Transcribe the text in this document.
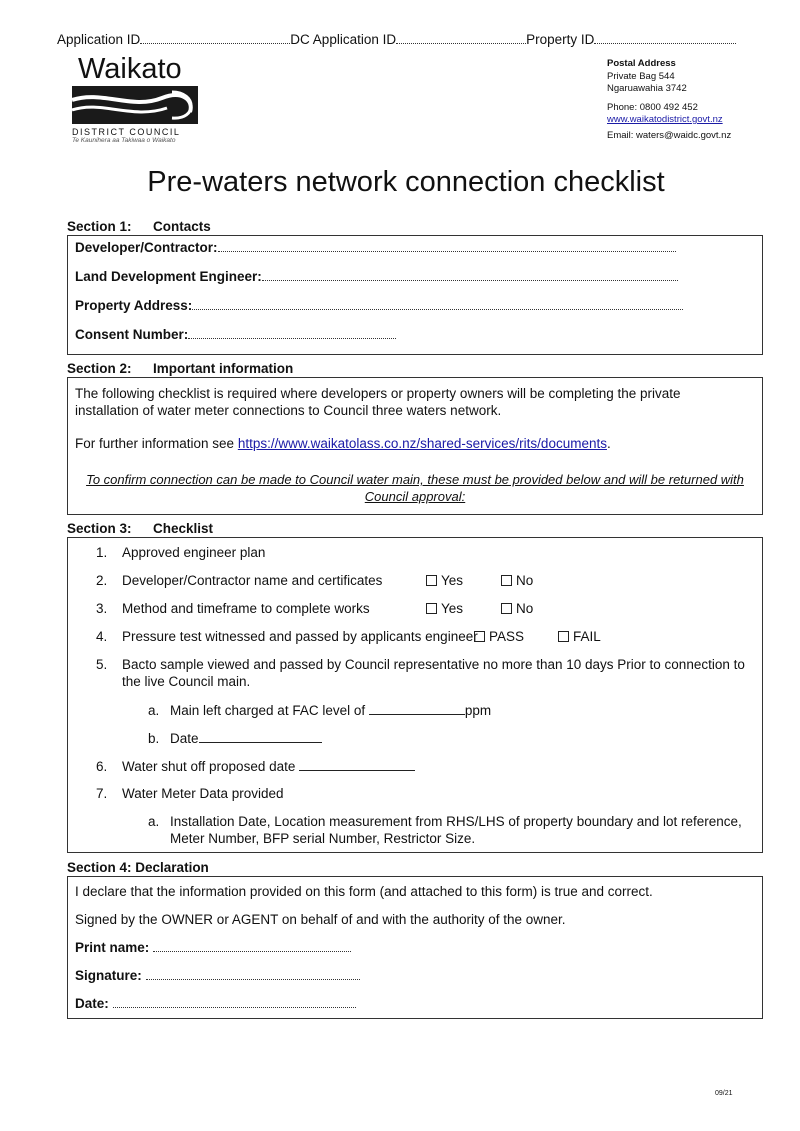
Application ID	DC Application ID	Property ID
Waikato
DISTRICT COUNCIL
Te Kaunihera aa Takiwaa o Waikato
Postal Address
Private Bag 544
Ngaruawahia 3742
Phone: 0800 492 452
www.waikatodistrict.govt.nz
Email: waters@waidc.govt.nz
Pre-waters network connection checklist
Section 1: Contacts
Developer/Contractor:
Land Development Engineer:
Property Address:
Consent Number:
Section 2: Important information
The following checklist is required where developers or property owners will be completing the private
installation of water meter connections to Council three waters network.
For further information see https://www.waikatolass.co.nz/shared-services/rits/documents.
To confirm connection can be made to Council water main, these must be provided below and will be returned with
Council approval:
Section 3: Checklist
1. Approved engineer plan
2. Developer/Contractor name and certificates	Yes	No
3. Method and timeframe to complete works	Yes	No
4. Pressure test witnessed and passed by applicants engineer PASS	FAIL
5. Bacto sample viewed and passed by Council representative no more than 10 days Prior to connection to
the live Council main.
a. Main left charged at FAC level of	ppm
b. Date
6. Water shut off proposed date
7. Water Meter Data provided
a. Installation Date, Location measurement from RHS/LHS of property boundary and lot reference,
Meter Number, BFP serial Number, Restrictor Size.
Section 4: Declaration
I declare that the information provided on this form (and attached to this form) is true and correct.
Signed by the OWNER or AGENT on behalf of and with the authority of the owner.
Print name:
Signature:
Date:
09/21
